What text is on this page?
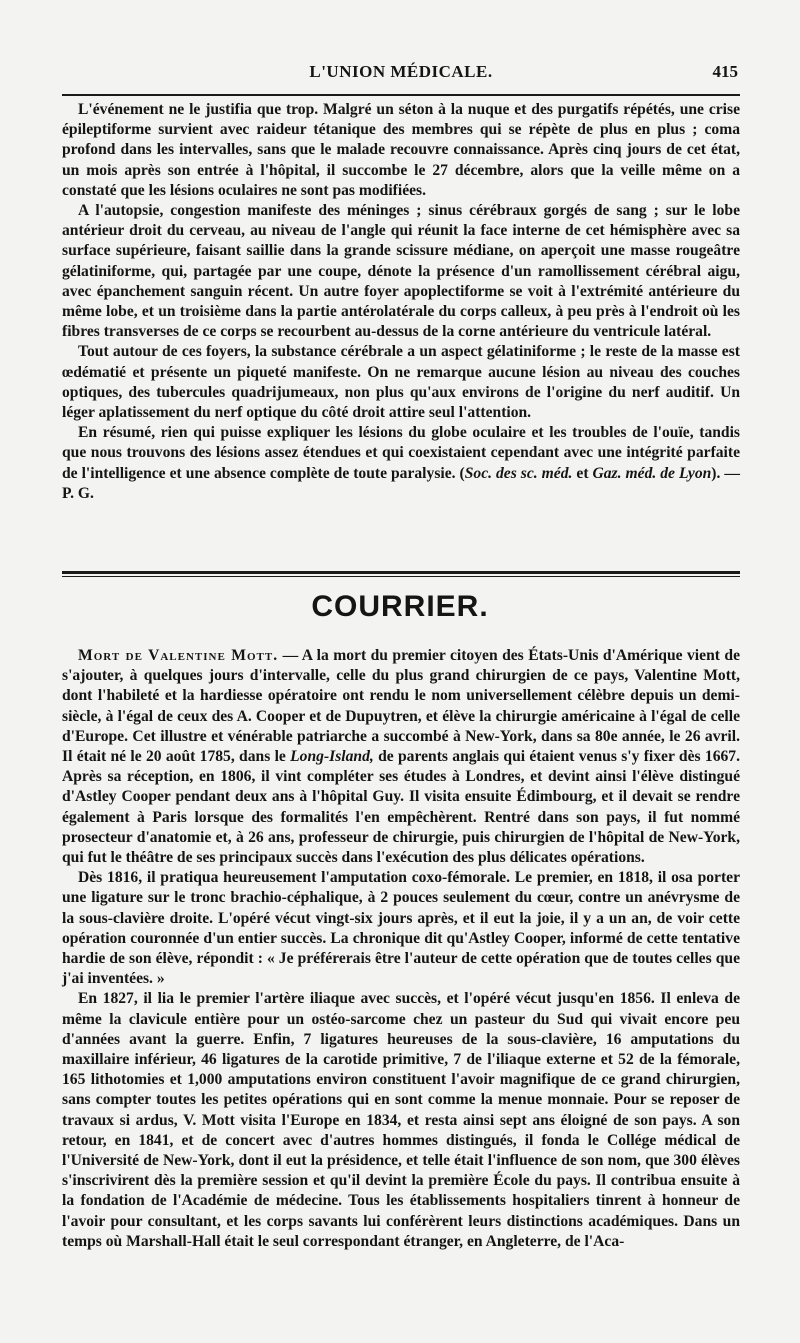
L'UNION MÉDICALE.	415

L'événement ne le justifia que trop. Malgré un séton à la nuque et des purgatifs répétés, une crise épileptiforme survient avec raideur tétanique des membres qui se répète de plus en plus ; coma profond dans les intervalles, sans que le malade recouvre connaissance. Après cinq jours de cet état, un mois après son entrée à l'hôpital, il succombe le 27 décembre, alors que la veille même on a constaté que les lésions oculaires ne sont pas modifiées.

A l'autopsie, congestion manifeste des méninges ; sinus cérébraux gorgés de sang ; sur le lobe antérieur droit du cerveau, au niveau de l'angle qui réunit la face interne de cet hémisphère avec sa surface supérieure, faisant saillie dans la grande scissure médiane, on aperçoit une masse rougeâtre gélatiniforme, qui, partagée par une coupe, dénote la présence d'un ramollissement cérébral aigu, avec épanchement sanguin récent. Un autre foyer apoplectiforme se voit à l'extrémité antérieure du même lobe, et un troisième dans la partie antérolatérale du corps calleux, à peu près à l'endroit où les fibres transverses de ce corps se recourbent au-dessus de la corne antérieure du ventricule latéral.

Tout autour de ces foyers, la substance cérébrale a un aspect gélatiniforme ; le reste de la masse est œdématié et présente un piqueté manifeste. On ne remarque aucune lésion au niveau des couches optiques, des tubercules quadrijumeaux, non plus qu'aux environs de l'origine du nerf auditif. Un léger aplatissement du nerf optique du côté droit attire seul l'attention.

En résumé, rien qui puisse expliquer les lésions du globe oculaire et les troubles de l'ouïe, tandis que nous trouvons des lésions assez étendues et qui coexistaient cependant avec une intégrité parfaite de l'intelligence et une absence complète de toute paralysie. (Soc. des sc. méd. et Gaz. méd. de Lyon). — P. G.

COURRIER.

Mort de Valentine Mott. — A la mort du premier citoyen des États-Unis d'Amérique vient de s'ajouter, à quelques jours d'intervalle, celle du plus grand chirurgien de ce pays, Valentine Mott, dont l'habileté et la hardiesse opératoire ont rendu le nom universellement célèbre depuis un demi-siècle, à l'égal de ceux des A. Cooper et de Dupuytren, et élève la chirurgie américaine à l'égal de celle d'Europe. Cet illustre et vénérable patriarche a succombé à New-York, dans sa 80e année, le 26 avril. Il était né le 20 août 1785, dans le Long-Island, de parents anglais qui étaient venus s'y fixer dès 1667. Après sa réception, en 1806, il vint compléter ses études à Londres, et devint ainsi l'élève distingué d'Astley Cooper pendant deux ans à l'hôpital Guy. Il visita ensuite Édimbourg, et il devait se rendre également à Paris lorsque des formalités l'en empêchèrent. Rentré dans son pays, il fut nommé prosecteur d'anatomie et, à 26 ans, professeur de chirurgie, puis chirurgien de l'hôpital de New-York, qui fut le théâtre de ses principaux succès dans l'exécution des plus délicates opérations.

Dès 1816, il pratiqua heureusement l'amputation coxo-fémorale. Le premier, en 1818, il osa porter une ligature sur le tronc brachio-céphalique, à 2 pouces seulement du cœur, contre un anévrysme de la sous-clavière droite. L'opéré vécut vingt-six jours après, et il eut la joie, il y a un an, de voir cette opération couronnée d'un entier succès. La chronique dit qu'Astley Cooper, informé de cette tentative hardie de son élève, répondit : « Je préférerais être l'auteur de cette opération que de toutes celles que j'ai inventées. »

En 1827, il lia le premier l'artère iliaque avec succès, et l'opéré vécut jusqu'en 1856. Il enleva de même la clavicule entière pour un ostéo-sarcome chez un pasteur du Sud qui vivait encore peu d'années avant la guerre. Enfin, 7 ligatures heureuses de la sous-clavière, 16 amputations du maxillaire inférieur, 46 ligatures de la carotide primitive, 7 de l'iliaque externe et 52 de la fémorale, 165 lithotomies et 1,000 amputations environ constituent l'avoir magnifique de ce grand chirurgien, sans compter toutes les petites opérations qui en sont comme la menue monnaie. Pour se reposer de travaux si ardus, V. Mott visita l'Europe en 1834, et resta ainsi sept ans éloigné de son pays. A son retour, en 1841, et de concert avec d'autres hommes distingués, il fonda le Collége médical de l'Université de New-York, dont il eut la présidence, et telle était l'influence de son nom, que 300 élèves s'inscrivirent dès la première session et qu'il devint la première École du pays. Il contribua ensuite à la fondation de l'Académie de médecine. Tous les établissements hospitaliers tinrent à honneur de l'avoir pour consultant, et les corps savants lui conférèrent leurs distinctions académiques. Dans un temps où Marshall-Hall était le seul correspondant étranger, en Angleterre, de l'Aca-
